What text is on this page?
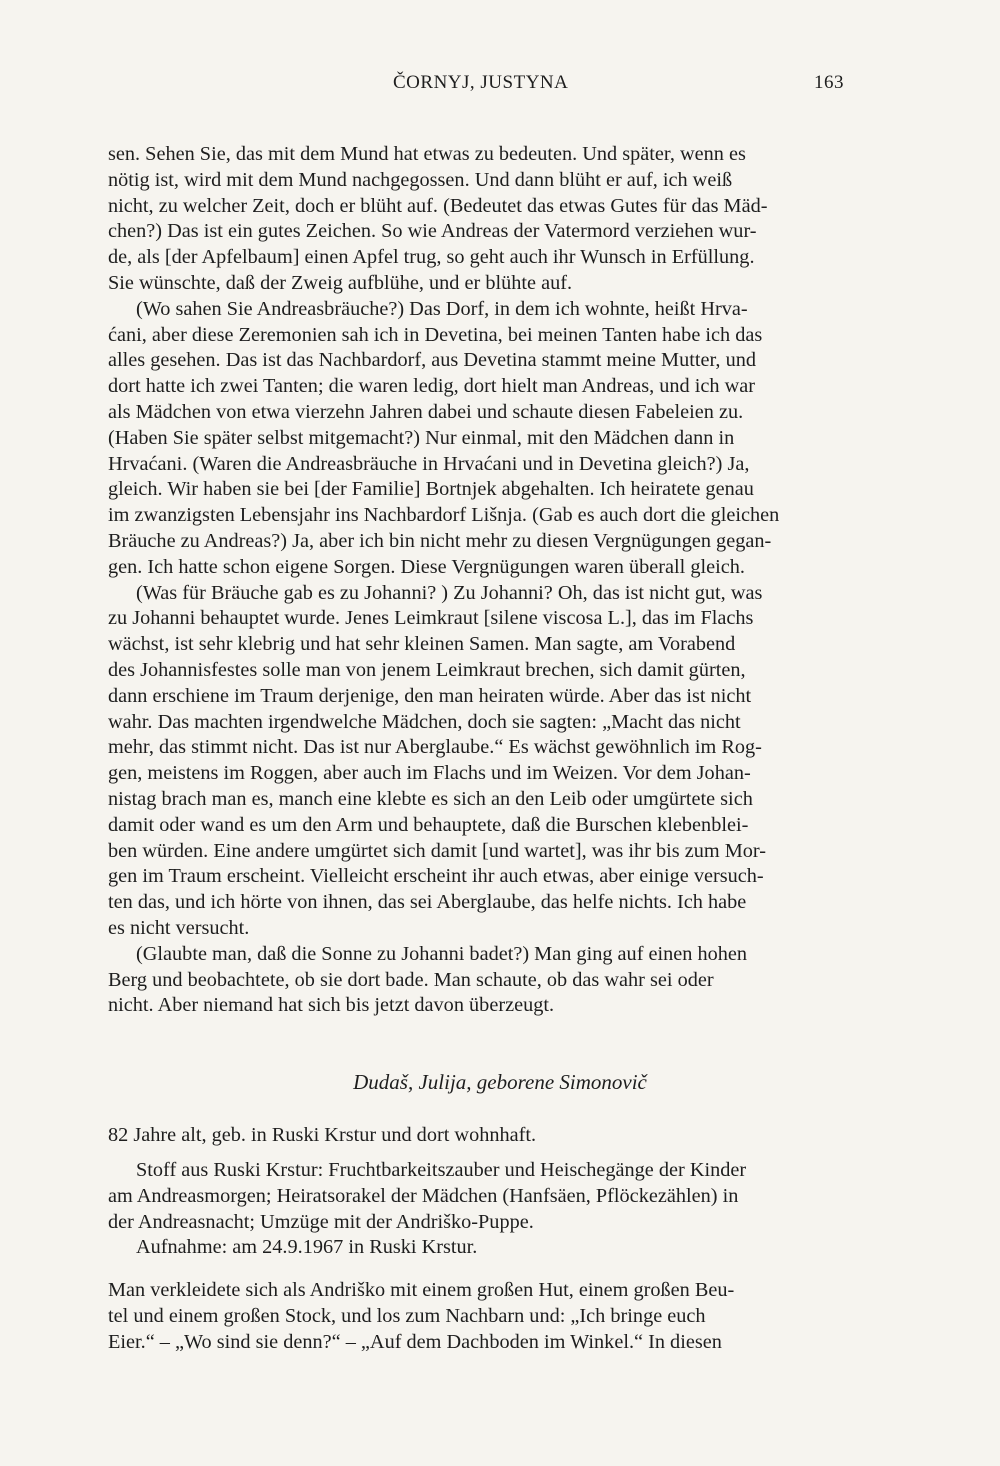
ČORNYJ, JUSTYNA	163

sen. Sehen Sie, das mit dem Mund hat etwas zu bedeuten. Und später, wenn es
nötig ist, wird mit dem Mund nachgegossen. Und dann blüht er auf, ich weiß
nicht, zu welcher Zeit, doch er blüht auf. (Bedeutet das etwas Gutes für das Mäd-
chen?) Das ist ein gutes Zeichen. So wie Andreas der Vatermord verziehen wur-
de, als [der Apfelbaum] einen Apfel trug, so geht auch ihr Wunsch in Erfüllung.
Sie wünschte, daß der Zweig aufblühe, und er blühte auf.

(Wo sahen Sie Andreasbräuche?) Das Dorf, in dem ich wohnte, heißt Hrva-
ćani, aber diese Zeremonien sah ich in Devetina, bei meinen Tanten habe ich das
alles gesehen. Das ist das Nachbardorf, aus Devetina stammt meine Mutter, und
dort hatte ich zwei Tanten; die waren ledig, dort hielt man Andreas, und ich war
als Mädchen von etwa vierzehn Jahren dabei und schaute diesen Fabeleien zu.
(Haben Sie später selbst mitgemacht?) Nur einmal, mit den Mädchen dann in
Hrvaćani. (Waren die Andreasbräuche in Hrvaćani und in Devetina gleich?) Ja,
gleich. Wir haben sie bei [der Familie] Bortnjek abgehalten. Ich heiratete genau
im zwanzigsten Lebensjahr ins Nachbardorf Lišnja. (Gab es auch dort die gleichen
Bräuche zu Andreas?) Ja, aber ich bin nicht mehr zu diesen Vergnügungen gegan-
gen. Ich hatte schon eigene Sorgen. Diese Vergnügungen waren überall gleich.

(Was für Bräuche gab es zu Johanni? ) Zu Johanni? Oh, das ist nicht gut, was
zu Johanni behauptet wurde. Jenes Leimkraut [silene viscosa L.], das im Flachs
wächst, ist sehr klebrig und hat sehr kleinen Samen. Man sagte, am Vorabend
des Johannisfestes solle man von jenem Leimkraut brechen, sich damit gürten,
dann erschiene im Traum derjenige, den man heiraten würde. Aber das ist nicht
wahr. Das machten irgendwelche Mädchen, doch sie sagten: „Macht das nicht
mehr, das stimmt nicht. Das ist nur Aberglaube.“ Es wächst gewöhnlich im Rog-
gen, meistens im Roggen, aber auch im Flachs und im Weizen. Vor dem Johan-
nistag brach man es, manch eine klebte es sich an den Leib oder umgürtete sich
damit oder wand es um den Arm und behauptete, daß die Burschen klebenblei-
ben würden. Eine andere umgürtet sich damit [und wartet], was ihr bis zum Mor-
gen im Traum erscheint. Vielleicht erscheint ihr auch etwas, aber einige versuch-
ten das, und ich hörte von ihnen, das sei Aberglaube, das helfe nichts. Ich habe
es nicht versucht.

(Glaubte man, daß die Sonne zu Johanni badet?) Man ging auf einen hohen
Berg und beobachtete, ob sie dort bade. Man schaute, ob das wahr sei oder
nicht. Aber niemand hat sich bis jetzt davon überzeugt.

Dudaš, Julija, geborene Simonovič

82 Jahre alt, geb. in Ruski Krstur und dort wohnhaft.

Stoff aus Ruski Krstur: Fruchtbarkeitszauber und Heischegänge der Kinder
am Andreasmorgen; Heiratsorakel der Mädchen (Hanfsäen, Pflöckezählen) in
der Andreasnacht; Umzüge mit der Andriško-Puppe.

Aufnahme: am 24.9.1967 in Ruski Krstur.

Man verkleidete sich als Andriško mit einem großen Hut, einem großen Beu-
tel und einem großen Stock, und los zum Nachbarn und: „Ich bringe euch
Eier.“ – „Wo sind sie denn?“ – „Auf dem Dachboden im Winkel.“ In diesen
